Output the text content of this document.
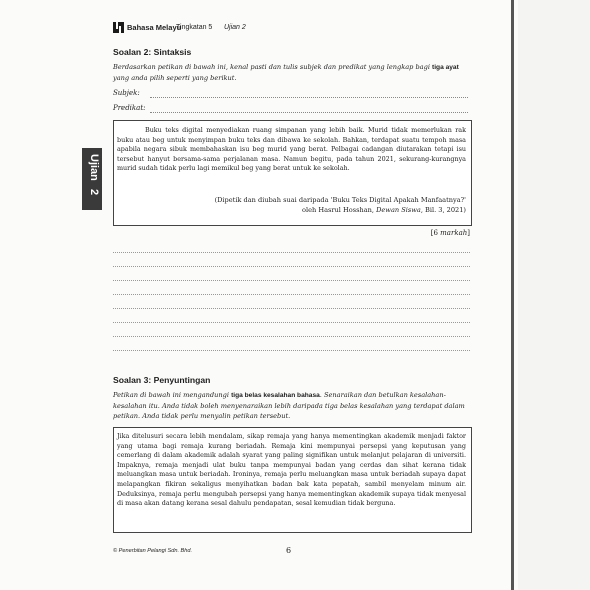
Bahasa Melayu
Tingkatan 5 Ujian 2
Ujian
2
Soalan 2: Sintaksis
Berdasarkan petikan di bawah ini, kenal pasti dan tulis subjek dan predikat yang lengkap bagi tiga ayat yang anda pilih seperti yang berikut.
Subjek:
Predikat:
Buku teks digital menyediakan ruang simpanan yang lebih baik. Murid tidak memerlukan rak buku atau beg untuk menyimpan buku teks dan dibawa ke sekolah. Bahkan, terdapat suatu tempoh masa apabila negara sibuk membahaskan isu beg murid yang berat. Pelbagai cadangan diutarakan tetapi isu tersebut hanyut bersama-sama perjalanan masa. Namun begitu, pada tahun 2021, sekurang-kurangnya murid sudah tidak perlu lagi memikul beg yang berat untuk ke sekolah.
(Dipetik dan diubah suai daripada 'Buku Teks Digital Apakah Manfaatnya?'
oleh Hasrul Hosshan, Dewan Siswa, Bil. 3, 2021)
[6 markah]
Soalan 3: Penyuntingan
Petikan di bawah ini mengandungi tiga belas kesalahan bahasa. Senaraikan dan betulkan kesalahan-kesalahan itu. Anda tidak boleh menyenaraikan lebih daripada tiga belas kesalahan yang terdapat dalam petikan. Anda tidak perlu menyalin petikan tersebut.
Jika ditelusuri secara lebih mendalam, sikap remaja yang hanya mementingkan akademik menjadi faktor yang utama bagi remaja kurang beriadah. Remaja kini mempunyai persepsi yang keputusan yang cemerlang di dalam akademik adalah syarat yang paling signifikan untuk melanjut pelajaran di universiti. Impaknya, remaja menjadi ulat buku tanpa mempunyai badan yang cerdas dan sihat kerana tidak meluangkan masa untuk beriadah. Ironinya, remaja perlu meluangkan masa untuk beriadah supaya dapat melapangkan fikiran sekaligus menyihatkan badan bak kata pepatah, sambil menyelam minum air. Deduksinya, remaja perlu mengubah persepsi yang hanya mementingkan akademik supaya tidak menyesal di masa akan datang kerana sesal dahulu pendapatan, sesal kemudian tidak berguna.
© Penerbitan Pelangi Sdn. Bhd.	6
